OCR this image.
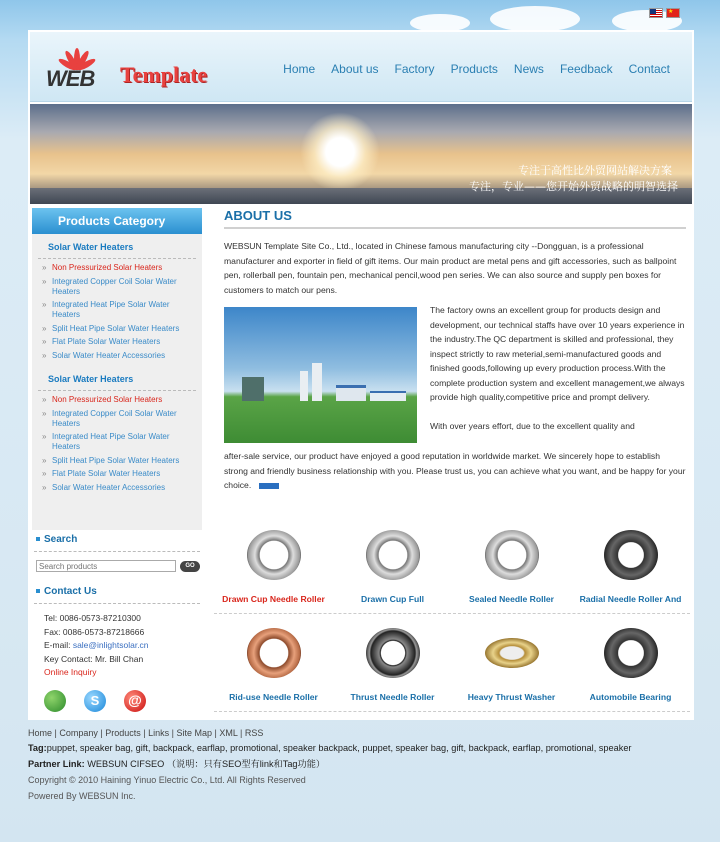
★
WEB Template	Home	About us	Factory	Products	News	Feedback	Contact
专注于高性比外贸网站解决方案
专注，专业——您开始外贸战略的明智选择
Products Category
Solar Water Heaters
» Non Pressurized Solar Heaters
» Integrated Copper Coil Solar Water Heaters
» Integrated Heat Pipe Solar Water Heaters
» Split Heat Pipe Solar Water Heaters
» Flat Plate Solar Water Heaters
» Solar Water Heater Accessories
Solar Water Heaters
» Non Pressurized Solar Heaters
» Integrated Copper Coil Solar Water Heaters
» Integrated Heat Pipe Solar Water Heaters
» Split Heat Pipe Solar Water Heaters
» Flat Plate Solar Water Heaters
» Solar Water Heater Accessories
Search
Search products
GO
Contact Us
Tel: 0086-0573-87210300
Fax: 0086-0573-87218666
E-mail: sale@inlightsolar.cn
Key Contact: Mr. Bill Chan
Online Inquiry
S	@
ABOUT US

WEBSUN Template Site Co., Ltd., located in Chinese famous manufacturing city --Dongguan, is a professional manufacturer and exporter in field of gift items. Our main product are metal pens and gift accessories, such as ballpoint pen, rollerball pen, fountain pen, mechanical pencil,wood pen series. We can also source and supply pen boxes for customers to match our pens.

The factory owns an excellent group for products design and development, our technical staffs have over 10 years experience in the industry.The QC department is skilled and professional, they inspect strictly to raw meterial,semi-manufactured goods and finished goods,following up every production process.With the complete production system and excellent management,we always provide high quality,competitive price and prompt delivery.

With over years effort, due to the excellent quality and

after-sale service, our product have enjoyed a good reputation in worldwide market. We sincerely hope to establish strong and friendly business relationship with you. Please trust us, you can achieve what you want, and be happy for your choice.

Drawn Cup Needle Roller	Drawn Cup Full	Sealed Needle Roller	Radial Needle Roller And
Rid-use Needle Roller	Thrust Needle Roller	Heavy Thrust Washer	Automobile Bearing
Home | Company | Products | Links | Site Map | XML | RSS
Tag:puppet, speaker bag, gift, backpack, earflap, promotional, speaker backpack, puppet, speaker bag, gift, backpack, earflap, promotional, speaker
Partner Link: WEBSUN CIFSEO （说明：只有SEO型有link和Tag功能）
Copyright © 2010 Haining Yinuo Electric Co., Ltd. All Rights Reserved
Powered By WEBSUN Inc.
